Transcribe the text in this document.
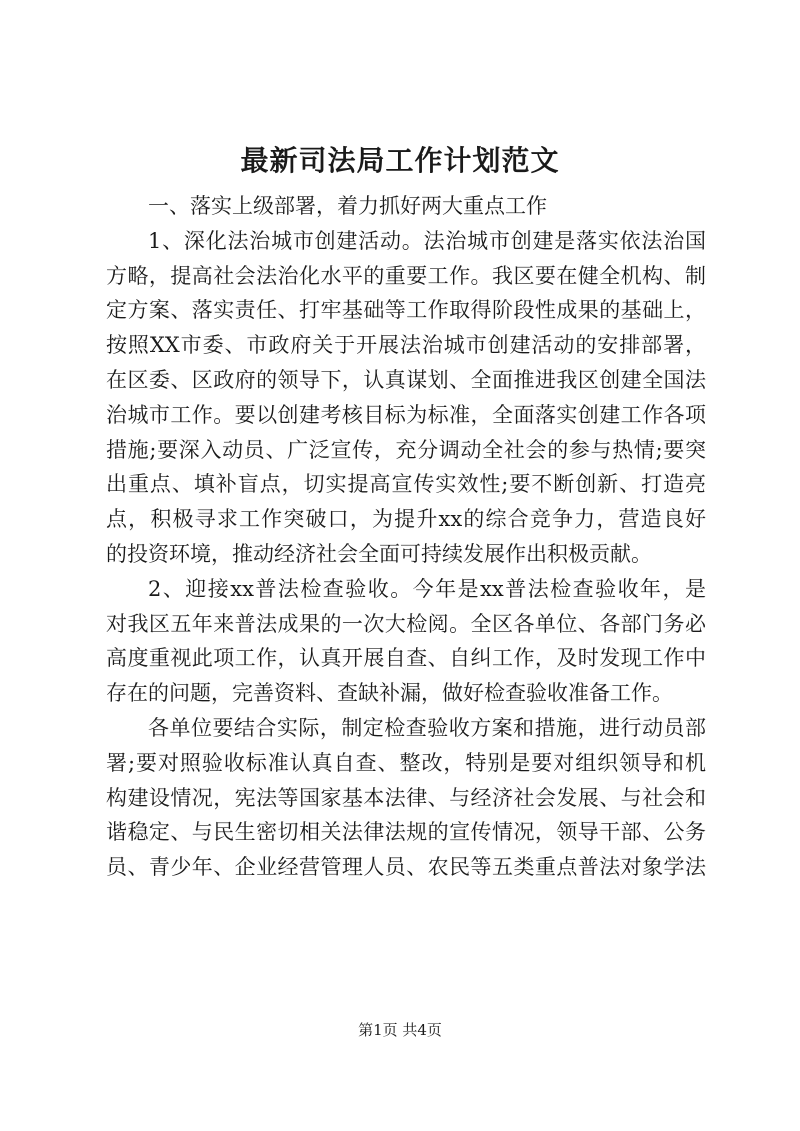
最新司法局工作计划范文
一、落实上级部署，着力抓好两大重点工作
1、深化法治城市创建活动。法治城市创建是落实依法治国
方略，提高社会法治化水平的重要工作。我区要在健全机构、制
定方案、落实责任、打牢基础等工作取得阶段性成果的基础上，
按照XX市委、市政府关于开展法治城市创建活动的安排部署，
在区委、区政府的领导下，认真谋划、全面推进我区创建全国法
治城市工作。要以创建考核目标为标准，全面落实创建工作各项
措施;要深入动员、广泛宣传，充分调动全社会的参与热情;要突
出重点、填补盲点，切实提高宣传实效性;要不断创新、打造亮
点，积极寻求工作突破口，为提升xx的综合竞争力，营造良好
的投资环境，推动经济社会全面可持续发展作出积极贡献。
2、迎接xx普法检查验收。今年是xx普法检查验收年，是
对我区五年来普法成果的一次大检阅。全区各单位、各部门务必
高度重视此项工作，认真开展自查、自纠工作，及时发现工作中
存在的问题，完善资料、查缺补漏，做好检查验收准备工作。
各单位要结合实际，制定检查验收方案和措施，进行动员部
署;要对照验收标准认真自查、整改，特别是要对组织领导和机
构建设情况，宪法等国家基本法律、与经济社会发展、与社会和
谐稳定、与民生密切相关法律法规的宣传情况，领导干部、公务
员、青少年、企业经营管理人员、农民等五类重点普法对象学法
第1页 共4页
